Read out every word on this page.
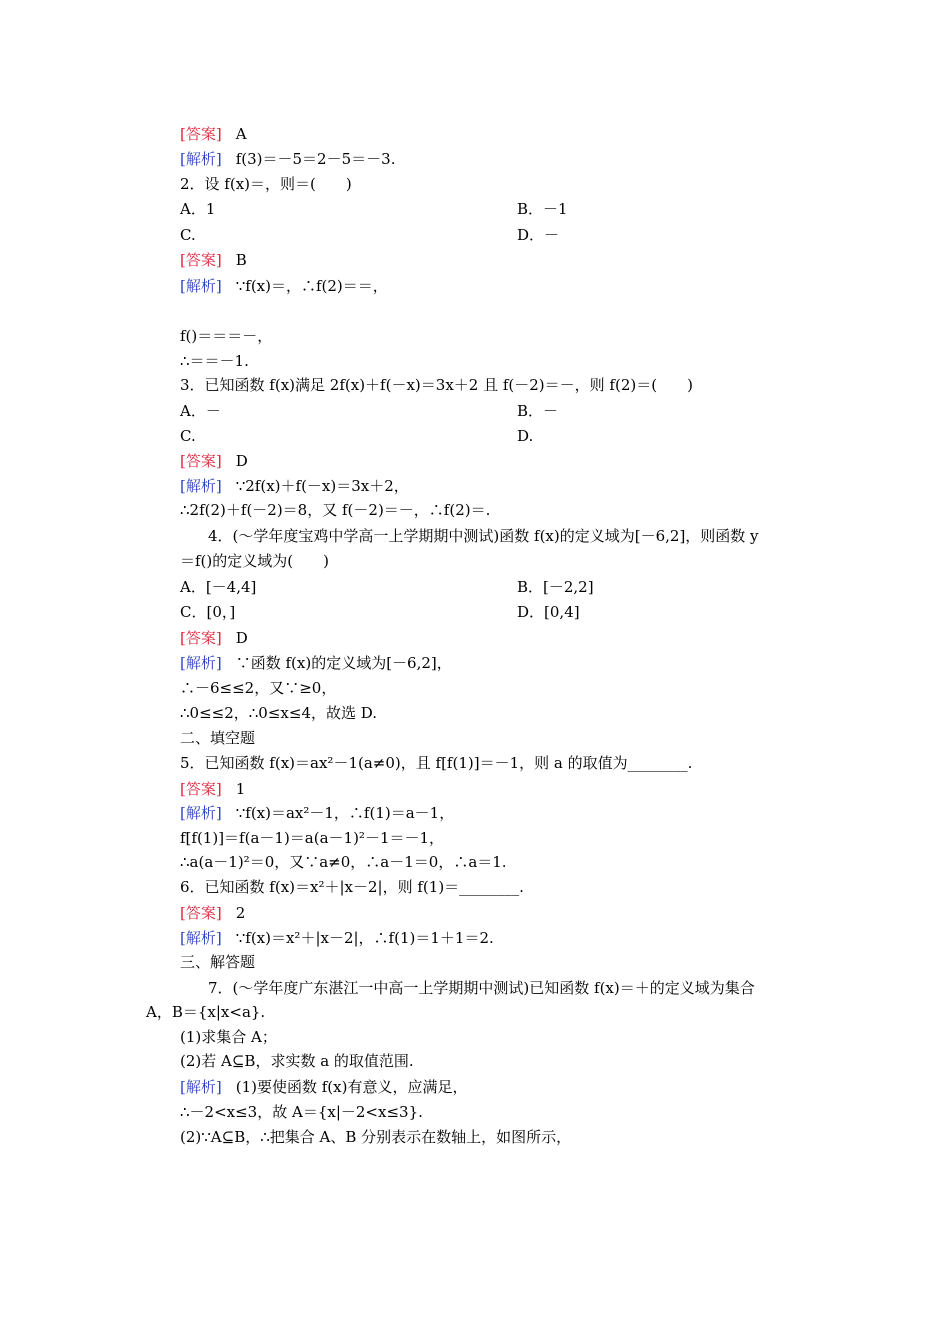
[答案] A
[解析] f(3)＝－5＝2－5＝－3.
2．设 f(x)＝，则＝(　　)
A．1	B．－1
C.	D．－
[答案] B
[解析] ∵f(x)＝，∴f(2)＝＝，
f()＝＝＝－，
∴＝＝－1.
3．已知函数 f(x)满足 2f(x)＋f(－x)＝3x＋2 且 f(－2)＝－，则 f(2)＝(　　)
A．－	B．－
C.	D.
[答案] D
[解析] ∵2f(x)＋f(－x)＝3x＋2，
∴2f(2)＋f(－2)＝8，又 f(－2)＝－，∴f(2)＝.
4．(～学年度宝鸡中学高一上学期期中测试)函数 f(x)的定义域为[－6,2]，则函数 y
＝f()的定义域为(　　)
A．[－4,4]	B．[－2,2]
C．[0，]	D．[0,4]
[答案] D
[解析] ∵函数 f(x)的定义域为[－6,2]，
∴－6≤≤2，又∵≥0，
∴0≤≤2，∴0≤x≤4，故选 D.
二、填空题
5．已知函数 f(x)＝ax²－1(a≠0)，且 f[f(1)]＝－1，则 a 的取值为________.
[答案] 1
[解析] ∵f(x)＝ax²－1，∴f(1)＝a－1，
f[f(1)]＝f(a－1)＝a(a－1)²－1＝－1，
∴a(a－1)²＝0，又∵a≠0，∴a－1＝0，∴a＝1.
6．已知函数 f(x)＝x²＋|x－2|，则 f(1)＝________.
[答案] 2
[解析] ∵f(x)＝x²＋|x－2|，∴f(1)＝1＋1＝2.
三、解答题
7．(～学年度广东湛江一中高一上学期期中测试)已知函数 f(x)＝＋的定义域为集合
A，B＝{x|x<a}.
(1)求集合 A；
(2)若 A⊆B，求实数 a 的取值范围.
[解析] (1)要使函数 f(x)有意义，应满足，
∴－2<x≤3，故 A＝{x|－2<x≤3}.
(2)∵A⊆B，∴把集合 A、B 分别表示在数轴上，如图所示，
